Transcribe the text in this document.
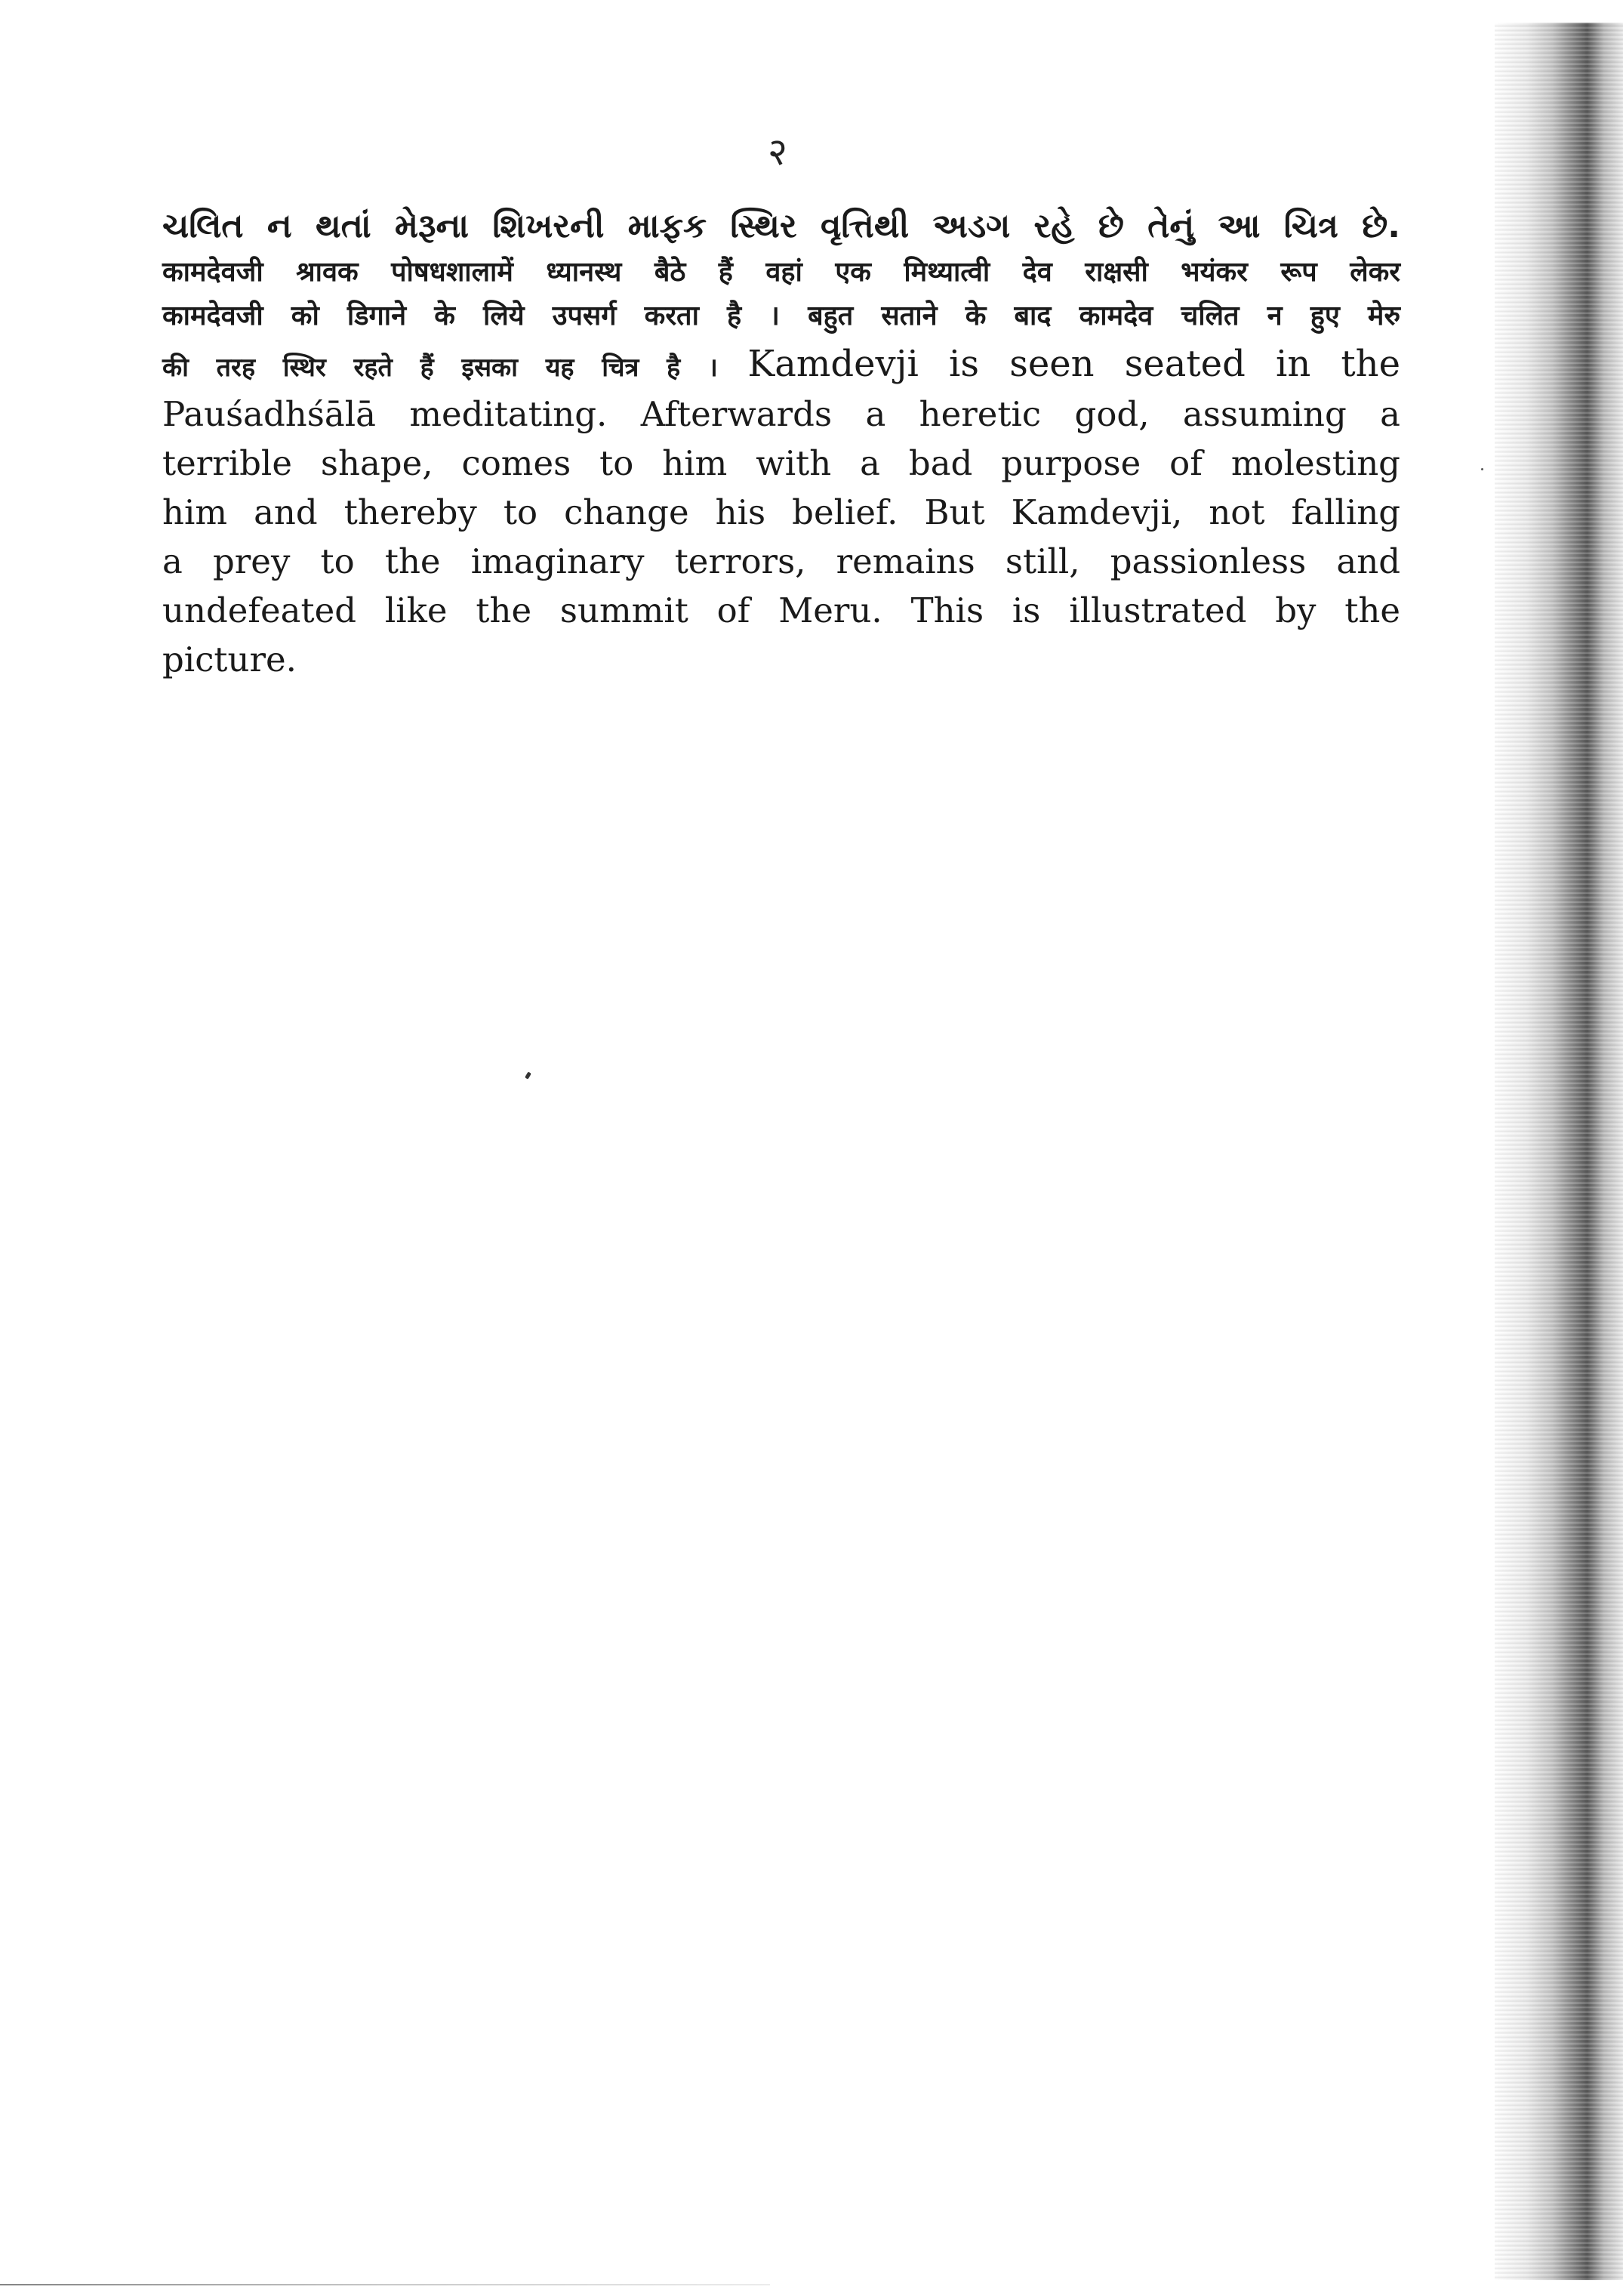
२
ચલિત ન થતાં મેરૂના શિખરની માફક સ્થિર વૃત્તિથી અડગ રહે છે તેનું આ ચિત્ર છે.
कामदेवजी श्रावक पोषधशालामें ध्यानस्थ बैठे हैं वहां एक मिथ्यात्वी देव राक्षसी भयंकर रूप लेकर
कामदेवजी को डिगाने के लिये उपसर्ग करता है । बहुत सताने के बाद कामदेव चलित न हुए मेरु
की तरह स्थिर रहते हैं इसका यह चित्र है । Kamdevji is seen seated in the
Pauśadhśālā meditating. Afterwards a heretic god, assuming a
terrible shape, comes to him with a bad purpose of molesting
him and thereby to change his belief. But Kamdevji, not falling
a prey to the imaginary terrors, remains still, passionless and
undefeated like the summit of Meru. This is illustrated by the
picture.
